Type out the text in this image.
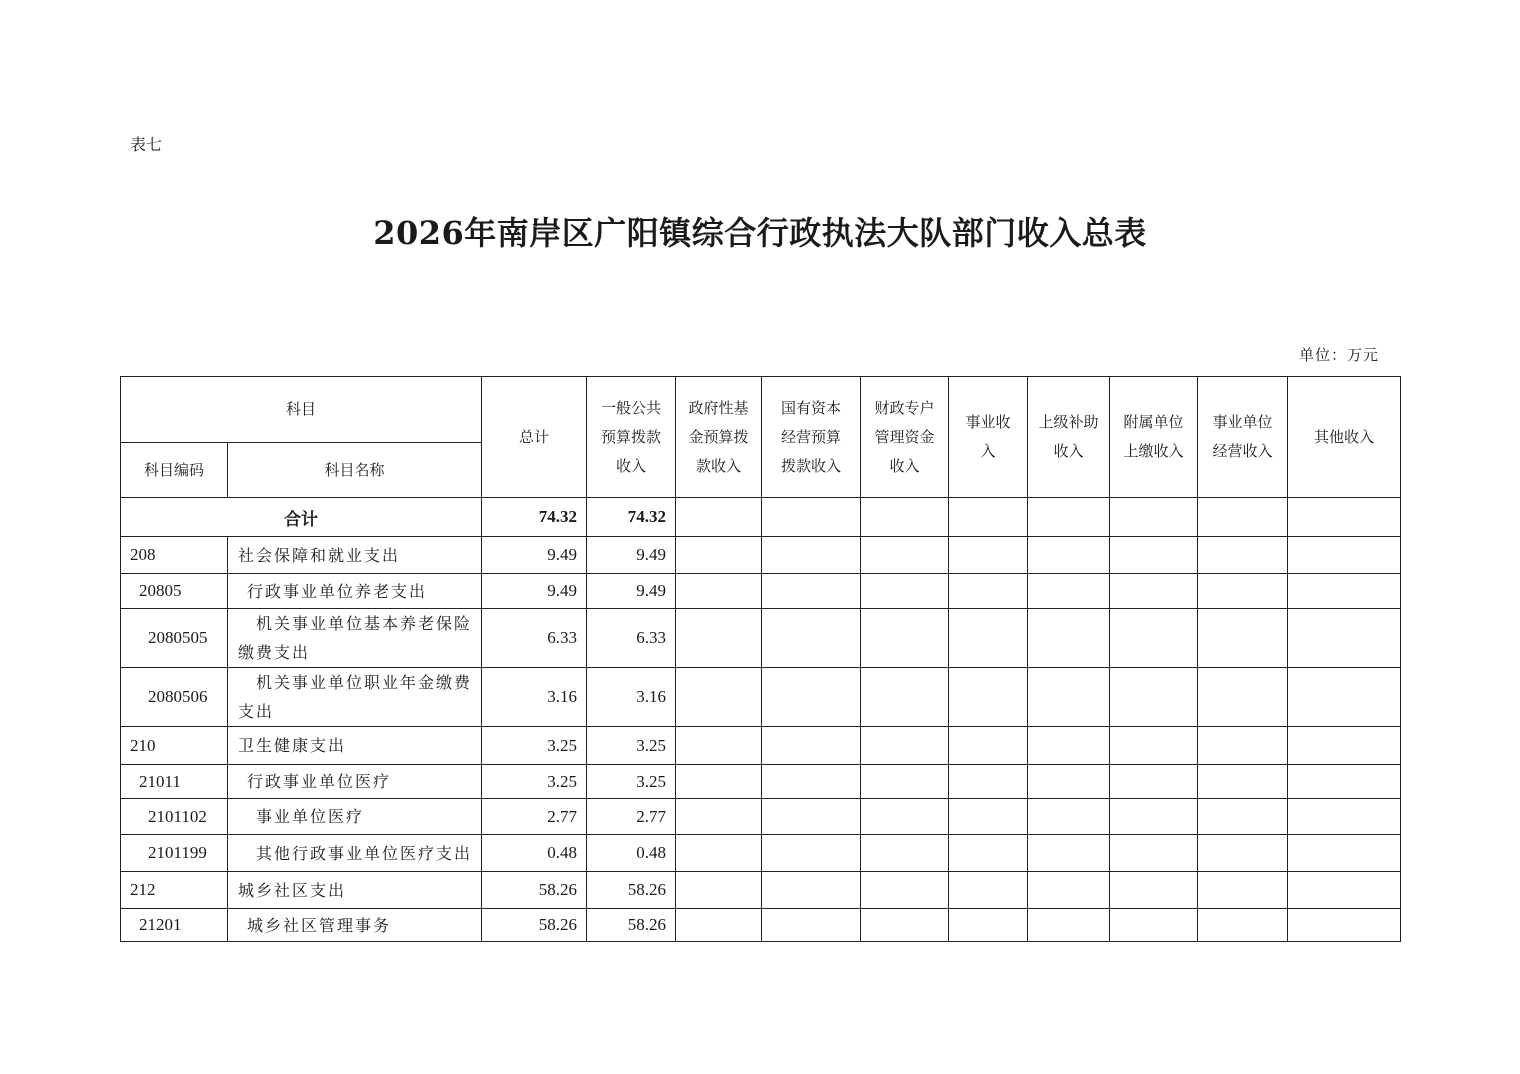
表七
2026年南岸区广阳镇综合行政执法大队部门收入总表
单位：万元
科目		总计	一般公共预算拨款收入	政府性基金预算拨款收入	国有资本经营预算拨款收入	财政专户管理资金收入	事业收入	上级补助收入	附属单位上缴收入	事业单位经营收入	其他收入
科目编码	科目名称										
合计		74.32	74.32								
208	社会保障和就业支出	9.49	9.49								
20805	行政事业单位养老支出	9.49	9.49								
2080505	机关事业单位基本养老保险缴费支出	6.33	6.33								
2080506	机关事业单位职业年金缴费支出	3.16	3.16								
210	卫生健康支出	3.25	3.25								
21011	行政事业单位医疗	3.25	3.25								
2101102	事业单位医疗	2.77	2.77								
2101199	其他行政事业单位医疗支出	0.48	0.48								
212	城乡社区支出	58.26	58.26								
21201	城乡社区管理事务	58.26	58.26								
